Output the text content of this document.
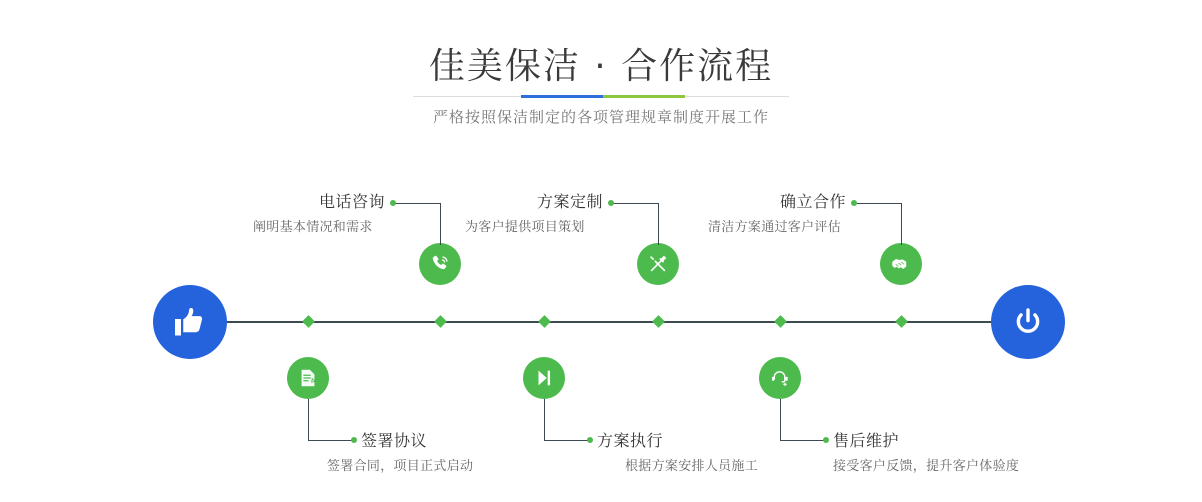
佳美保洁 · 合作流程
严格按照保洁制定的各项管理规章制度开展工作
电话咨询
阐明基本情况和需求
签署协议
签署合同，项目正式启动
方案定制
为客户提供项目策划
方案执行
根据方案安排人员施工
确立合作
清洁方案通过客户评估
售后维护
接受客户反馈，提升客户体验度
